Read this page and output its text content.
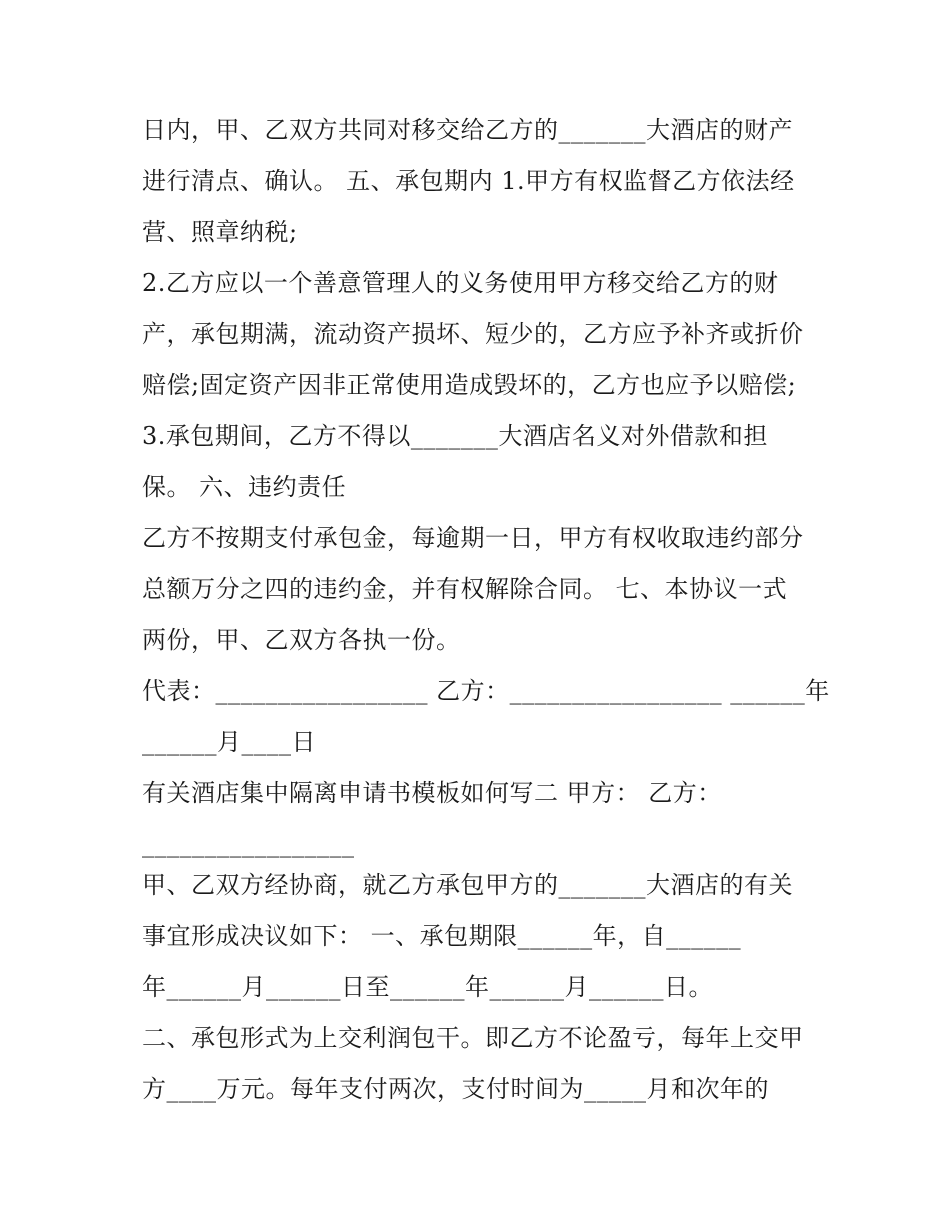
日内，甲、乙双方共同对移交给乙方的_______大酒店的财产
进行清点、确认。 五、承包期内 1.甲方有权监督乙方依法经
营、照章纳税;
2.乙方应以一个善意管理人的义务使用甲方移交给乙方的财
产，承包期满，流动资产损坏、短少的，乙方应予补齐或折价
赔偿;固定资产因非正常使用造成毁坏的，乙方也应予以赔偿;
3.承包期间，乙方不得以_______大酒店名义对外借款和担
保。 六、违约责任
乙方不按期支付承包金，每逾期一日，甲方有权收取违约部分
总额万分之四的违约金，并有权解除合同。 七、本协议一式
两份，甲、乙双方各执一份。
代表：_________________ 乙方：_________________ ______年
______月____日
有关酒店集中隔离申请书模板如何写二 甲方： 乙方：
_________________
甲、乙双方经协商，就乙方承包甲方的_______大酒店的有关
事宜形成决议如下： 一、承包期限______年，自______
年______月______日至______年______月______日。
二、承包形式为上交利润包干。即乙方不论盈亏，每年上交甲
方____万元。每年支付两次，支付时间为_____月和次年的
